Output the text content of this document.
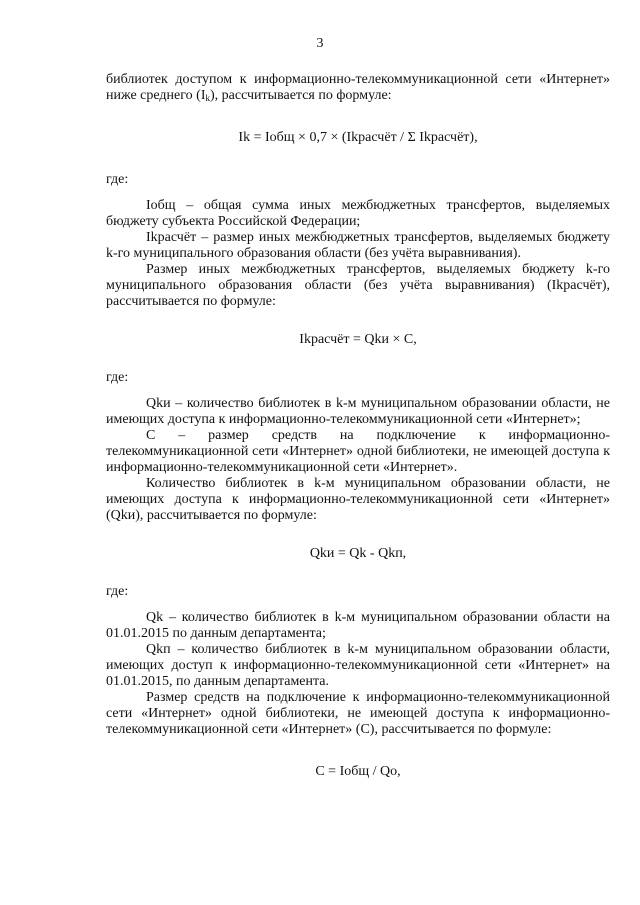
3

библиотек доступом к информационно-телекоммуникационной сети «Интернет» ниже среднего $(I_k)$, рассчитывается по формуле:

Ik = Iобщ × 0,7 × (Ikрасчёт / Σ Ikрасчёт),

где:

Iобщ – общая сумма иных межбюджетных трансфертов, выделяемых бюджету субъекта Российской Федерации;

Ikрасчёт – размер иных межбюджетных трансфертов, выделяемых бюджету k-го муниципального образования области (без учёта выравнивания).

Размер иных межбюджетных трансфертов, выделяемых бюджету k-го муниципального образования области (без учёта выравнивания) (Ikрасчёт), рассчитывается по формуле:

Ikрасчёт = Qkи × C,

где:

Qkи – количество библиотек в k-м муниципальном образовании области, не имеющих доступа к информационно-телекоммуникационной сети «Интернет»;

С – размер средств на подключение к информационно-телекоммуникационной сети «Интернет» одной библиотеки, не имеющей доступа к информационно-телекоммуникационной сети «Интернет».

Количество библиотек в k-м муниципальном образовании области, не имеющих доступа к информационно-телекоммуникационной сети «Интернет» (Qkи), рассчитывается по формуле:

Qkи = Qk - Qkп,

где:

Qk – количество библиотек в k-м муниципальном образовании области на 01.01.2015 по данным департамента;

Qkп – количество библиотек в k-м муниципальном образовании области, имеющих доступ к информационно-телекоммуникационной сети «Интернет» на 01.01.2015, по данным департамента.

Размер средств на подключение к информационно-телекоммуникационной сети «Интернет» одной библиотеки, не имеющей доступа к информационно-телекоммуникационной сети «Интернет» (С), рассчитывается по формуле:

С = Iобщ / Qо,
